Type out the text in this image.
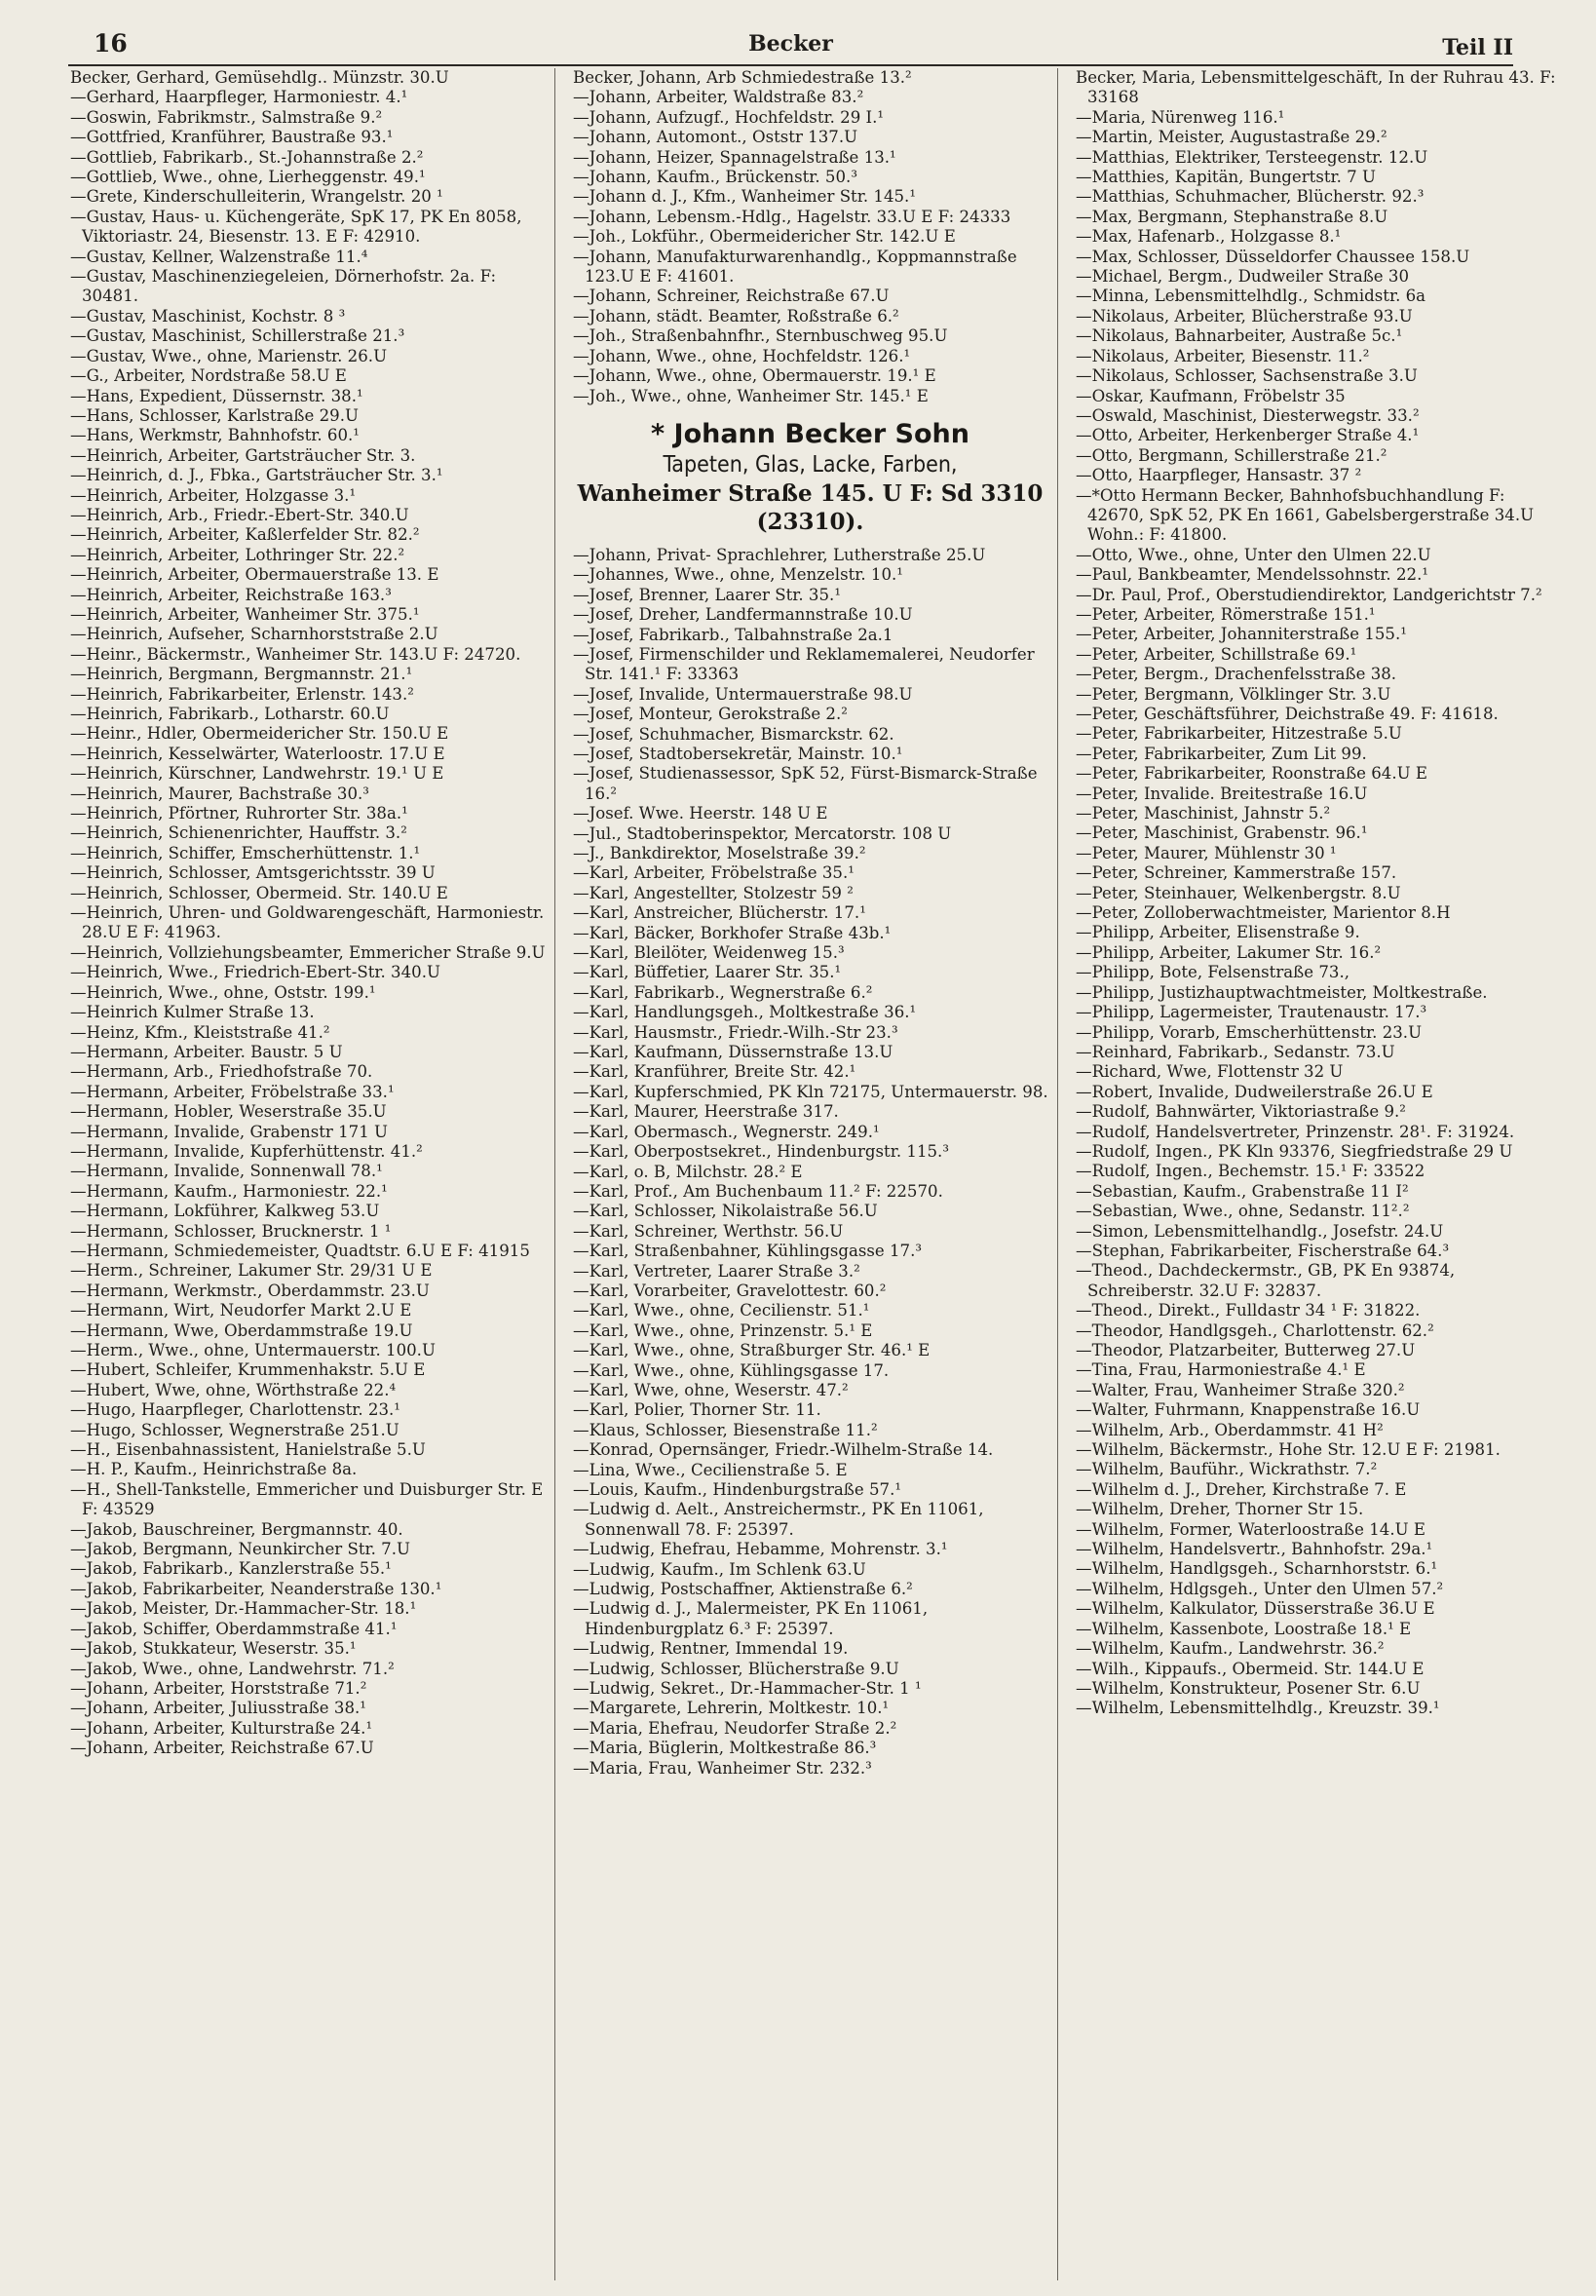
16	Becker	Teil II
Becker, Gerhard, Gemüsehdlg.. Münzstr. 30.U
—Gerhard, Haarpfleger, Harmoniestr. 4.¹
—Goswin, Fabrikmstr., Salmstraße 9.²
—Gottfried, Kranführer, Baustraße 93.¹
—Gottlieb, Fabrikarb., St.-Johannstraße 2.²
—Gottlieb, Wwe., ohne, Lierheggenstr. 49.¹
—Grete, Kinderschulleiterin, Wrangelstr. 20 ¹
—Gustav, Haus- u. Küchengeräte, SpK 17, PK En 8058, Viktoriastr. 24, Biesenstr. 13. E F: 42910.
—Gustav, Kellner, Walzenstraße 11.⁴
—Gustav, Maschinenziegeleien, Dörnerhofstr. 2a. F: 30481.
—Gustav, Maschinist, Kochstr. 8 ³
—Gustav, Maschinist, Schillerstraße 21.³
—Gustav, Wwe., ohne, Marienstr. 26.U
—G., Arbeiter, Nordstraße 58.U E
—Hans, Expedient, Düssernstr. 38.¹
—Hans, Schlosser, Karlstraße 29.U
—Hans, Werkmstr, Bahnhofstr. 60.¹
—Heinrich, Arbeiter, Gartsträucher Str. 3.
—Heinrich, d. J., Fbka., Gartsträucher Str. 3.¹
—Heinrich, Arbeiter, Holzgasse 3.¹
—Heinrich, Arb., Friedr.-Ebert-Str. 340.U
—Heinrich, Arbeiter, Kaßlerfelder Str. 82.²
—Heinrich, Arbeiter, Lothringer Str. 22.²
—Heinrich, Arbeiter, Obermauerstraße 13. E
—Heinrich, Arbeiter, Reichstraße 163.³
—Heinrich, Arbeiter, Wanheimer Str. 375.¹
—Heinrich, Aufseher, Scharnhorststraße 2.U
—Heinr., Bäckermstr., Wanheimer Str. 143.U F: 24720.
—Heinrich, Bergmann, Bergmannstr. 21.¹
—Heinrich, Fabrikarbeiter, Erlenstr. 143.²
—Heinrich, Fabrikarb., Lotharstr. 60.U
—Heinr., Hdler, Obermeidericher Str. 150.U E
—Heinrich, Kesselwärter, Waterloostr. 17.U E
—Heinrich, Kürschner, Landwehrstr. 19.¹ U E
—Heinrich, Maurer, Bachstraße 30.³
—Heinrich, Pförtner, Ruhrorter Str. 38a.¹
—Heinrich, Schienenrichter, Hauffstr. 3.²
—Heinrich, Schiffer, Emscherhüttenstr. 1.¹
—Heinrich, Schlosser, Amtsgerichtsstr. 39 U
—Heinrich, Schlosser, Obermeid. Str. 140.U E
—Heinrich, Uhren- und Goldwarengeschäft, Harmoniestr. 28.U E F: 41963.
—Heinrich, Vollziehungsbeamter, Emmericher Straße 9.U
—Heinrich, Wwe., Friedrich-Ebert-Str. 340.U
—Heinrich, Wwe., ohne, Oststr. 199.¹
—Heinrich Kulmer Straße 13.
—Heinz, Kfm., Kleiststraße 41.²
—Hermann, Arbeiter. Baustr. 5 U
—Hermann, Arb., Friedhofstraße 70.
—Hermann, Arbeiter, Fröbelstraße 33.¹
—Hermann, Hobler, Weserstraße 35.U
—Hermann, Invalide, Grabenstr 171 U
—Hermann, Invalide, Kupferhüttenstr. 41.²
—Hermann, Invalide, Sonnenwall 78.¹
—Hermann, Kaufm., Harmoniestr. 22.¹
—Hermann, Lokführer, Kalkweg 53.U
—Hermann, Schlosser, Brucknerstr. 1 ¹
—Hermann, Schmiedemeister, Quadtstr. 6.U E F: 41915
—Herm., Schreiner, Lakumer Str. 29/31 U E
—Hermann, Werkmstr., Oberdammstr. 23.U
—Hermann, Wirt, Neudorfer Markt 2.U E
—Hermann, Wwe, Oberdammstraße 19.U
—Herm., Wwe., ohne, Untermauerstr. 100.U
—Hubert, Schleifer, Krummenhakstr. 5.U E
—Hubert, Wwe, ohne, Wörthstraße 22.⁴
—Hugo, Haarpfleger, Charlottenstr. 23.¹
—Hugo, Schlosser, Wegnerstraße 251.U
—H., Eisenbahnassistent, Hanielstraße 5.U
—H. P., Kaufm., Heinrichstraße 8a.
—H., Shell-Tankstelle, Emmericher und Duisburger Str. E F: 43529
—Jakob, Bauschreiner, Bergmannstr. 40.
—Jakob, Bergmann, Neunkircher Str. 7.U
—Jakob, Fabrikarb., Kanzlerstraße 55.¹
—Jakob, Fabrikarbeiter, Neanderstraße 130.¹
—Jakob, Meister, Dr.-Hammacher-Str. 18.¹
—Jakob, Schiffer, Oberdammstraße 41.¹
—Jakob, Stukkateur, Weserstr. 35.¹
—Jakob, Wwe., ohne, Landwehrstr. 71.²
—Johann, Arbeiter, Horststraße 71.²
—Johann, Arbeiter, Juliusstraße 38.¹
—Johann, Arbeiter, Kulturstraße 24.¹
—Johann, Arbeiter, Reichstraße 67.U
Becker, Johann, Arb Schmiedestraße 13.²
—Johann, Arbeiter, Waldstraße 83.²
—Johann, Aufzugf., Hochfeldstr. 29 I.¹
—Johann, Automont., Oststr 137.U
—Johann, Heizer, Spannagelstraße 13.¹
—Johann, Kaufm., Brückenstr. 50.³
—Johann d. J., Kfm., Wanheimer Str. 145.¹
—Johann, Lebensm.-Hdlg., Hagelstr. 33.U E F: 24333
—Joh., Lokführ., Obermeidericher Str. 142.U E
—Johann, Manufakturwarenhandlg., Koppmannstraße 123.U E F: 41601.
—Johann, Schreiner, Reichstraße 67.U
—Johann, städt. Beamter, Roßstraße 6.²
—Joh., Straßenbahnfhr., Sternbuschweg 95.U
—Johann, Wwe., ohne, Hochfeldstr. 126.¹
—Johann, Wwe., ohne, Obermauerstr. 19.¹ E
—Joh., Wwe., ohne, Wanheimer Str. 145.¹ E
* Johann Becker Sohn
Tapeten, Glas, Lacke, Farben,
Wanheimer Straße 145. U F: Sd 3310
(23310).
—Johann, Privat- Sprachlehrer, Lutherstraße 25.U
—Johannes, Wwe., ohne, Menzelstr. 10.¹
—Josef, Brenner, Laarer Str. 35.¹
—Josef, Dreher, Landfermannstraße 10.U
—Josef, Fabrikarb., Talbahnstraße 2a.1
—Josef, Firmenschilder und Reklamemalerei, Neudorfer Str. 141.¹ F: 33363
—Josef, Invalide, Untermauerstraße 98.U
—Josef, Monteur, Gerokstraße 2.²
—Josef, Schuhmacher, Bismarckstr. 62.
—Josef, Stadtobersekretär, Mainstr. 10.¹
—Josef, Studienassessor, SpK 52, Fürst-Bismarck-Straße 16.²
—Josef. Wwe. Heerstr. 148 U E
—Jul., Stadtoberinspektor, Mercatorstr. 108 U
—J., Bankdirektor, Moselstraße 39.²
—Karl, Arbeiter, Fröbelstraße 35.¹
—Karl, Angestellter, Stolzestr 59 ²
—Karl, Anstreicher, Blücherstr. 17.¹
—Karl, Bäcker, Borkhofer Straße 43b.¹
—Karl, Bleilöter, Weidenweg 15.³
—Karl, Büffetier, Laarer Str. 35.¹
—Karl, Fabrikarb., Wegnerstraße 6.²
—Karl, Handlungsgeh., Moltkestraße 36.¹
—Karl, Hausmstr., Friedr.-Wilh.-Str 23.³
—Karl, Kaufmann, Düssernstraße 13.U
—Karl, Kranführer, Breite Str. 42.¹
—Karl, Kupferschmied, PK Kln 72175, Untermauerstr. 98.
—Karl, Maurer, Heerstraße 317.
—Karl, Obermasch., Wegnerstr. 249.¹
—Karl, Oberpostsekret., Hindenburgstr. 115.³
—Karl, o. B, Milchstr. 28.² E
—Karl, Prof., Am Buchenbaum 11.² F: 22570.
—Karl, Schlosser, Nikolaistraße 56.U
—Karl, Schreiner, Werthstr. 56.U
—Karl, Straßenbahner, Kühlingsgasse 17.³
—Karl, Vertreter, Laarer Straße 3.²
—Karl, Vorarbeiter, Gravelottestr. 60.²
—Karl, Wwe., ohne, Cecilienstr. 51.¹
—Karl, Wwe., ohne, Prinzenstr. 5.¹ E
—Karl, Wwe., ohne, Straßburger Str. 46.¹ E
—Karl, Wwe., ohne, Kühlingsgasse 17.
—Karl, Wwe, ohne, Weserstr. 47.²
—Karl, Polier, Thorner Str. 11.
—Klaus, Schlosser, Biesenstraße 11.²
—Konrad, Opernsänger, Friedr.-Wilhelm-Straße 14.
—Lina, Wwe., Cecilienstraße 5. E
—Louis, Kaufm., Hindenburgstraße 57.¹
—Ludwig d. Aelt., Anstreichermstr., PK En 11061, Sonnenwall 78. F: 25397.
—Ludwig, Ehefrau, Hebamme, Mohrenstr. 3.¹
—Ludwig, Kaufm., Im Schlenk 63.U
—Ludwig, Postschaffner, Aktienstraße 6.²
—Ludwig d. J., Malermeister, PK En 11061, Hindenburgplatz 6.³ F: 25397.
—Ludwig, Rentner, Immendal 19.
—Ludwig, Schlosser, Blücherstraße 9.U
—Ludwig, Sekret., Dr.-Hammacher-Str. 1 ¹
—Margarete, Lehrerin, Moltkestr. 10.¹
—Maria, Ehefrau, Neudorfer Straße 2.²
—Maria, Büglerin, Moltkestraße 86.³
—Maria, Frau, Wanheimer Str. 232.³
Becker, Maria, Lebensmittelgeschäft, In der Ruhrau 43. F: 33168
—Maria, Nürenweg 116.¹
—Martin, Meister, Augustastraße 29.²
—Matthias, Elektriker, Tersteegenstr. 12.U
—Matthies, Kapitän, Bungertstr. 7 U
—Matthias, Schuhmacher, Blücherstr. 92.³
—Max, Bergmann, Stephanstraße 8.U
—Max, Hafenarb., Holzgasse 8.¹
—Max, Schlosser, Düsseldorfer Chaussee 158.U
—Michael, Bergm., Dudweiler Straße 30
—Minna, Lebensmittelhdlg., Schmidstr. 6a
—Nikolaus, Arbeiter, Blücherstraße 93.U
—Nikolaus, Bahnarbeiter, Austraße 5c.¹
—Nikolaus, Arbeiter, Biesenstr. 11.²
—Nikolaus, Schlosser, Sachsenstraße 3.U
—Oskar, Kaufmann, Fröbelstr 35
—Oswald, Maschinist, Diesterwegstr. 33.²
—Otto, Arbeiter, Herkenberger Straße 4.¹
—Otto, Bergmann, Schillerstraße 21.²
—Otto, Haarpfleger, Hansastr. 37 ²
—*Otto Hermann Becker, Bahnhofsbuchhandlung F: 42670, SpK 52, PK En 1661, Gabelsbergerstraße 34.U Wohn.: F: 41800.
—Otto, Wwe., ohne, Unter den Ulmen 22.U
—Paul, Bankbeamter, Mendelssohnstr. 22.¹
—Dr. Paul, Prof., Oberstudiendirektor, Landgerichtstr 7.²
—Peter, Arbeiter, Römerstraße 151.¹
—Peter, Arbeiter, Johanniterstraße 155.¹
—Peter, Arbeiter, Schillstraße 69.¹
—Peter, Bergm., Drachenfelsstraße 38.
—Peter, Bergmann, Völklinger Str. 3.U
—Peter, Geschäftsführer, Deichstraße 49. F: 41618.
—Peter, Fabrikarbeiter, Hitzestraße 5.U
—Peter, Fabrikarbeiter, Zum Lit 99.
—Peter, Fabrikarbeiter, Roonstraße 64.U E
—Peter, Invalide. Breitestraße 16.U
—Peter, Maschinist, Jahnstr 5.²
—Peter, Maschinist, Grabenstr. 96.¹
—Peter, Maurer, Mühlenstr 30 ¹
—Peter, Schreiner, Kammerstraße 157.
—Peter, Steinhauer, Welkenbergstr. 8.U
—Peter, Zolloberwachtmeister, Marientor 8.H
—Philipp, Arbeiter, Elisenstraße 9.
—Philipp, Arbeiter, Lakumer Str. 16.²
—Philipp, Bote, Felsenstraße 73.,
—Philipp, Justizhauptwachtmeister, Moltkestraße.
—Philipp, Lagermeister, Trautenaustr. 17.³
—Philipp, Vorarb, Emscherhüttenstr. 23.U
—Reinhard, Fabrikarb., Sedanstr. 73.U
—Richard, Wwe, Flottenstr 32 U
—Robert, Invalide, Dudweilerstraße 26.U E
—Rudolf, Bahnwärter, Viktoriastraße 9.²
—Rudolf, Handelsvertreter, Prinzenstr. 28¹. F: 31924.
—Rudolf, Ingen., PK Kln 93376, Siegfriedstraße 29 U
—Rudolf, Ingen., Bechemstr. 15.¹ F: 33522
—Sebastian, Kaufm., Grabenstraße 11 I²
—Sebastian, Wwe., ohne, Sedanstr. 11².²
—Simon, Lebensmittelhandlg., Josefstr. 24.U
—Stephan, Fabrikarbeiter, Fischerstraße 64.³
—Theod., Dachdeckermstr., GB, PK En 93874, Schreiberstr. 32.U F: 32837.
—Theod., Direkt., Fulldastr 34 ¹ F: 31822.
—Theodor, Handlgsgeh., Charlottenstr. 62.²
—Theodor, Platzarbeiter, Butterweg 27.U
—Tina, Frau, Harmoniestraße 4.¹ E
—Walter, Frau, Wanheimer Straße 320.²
—Walter, Fuhrmann, Knappenstraße 16.U
—Wilhelm, Arb., Oberdammstr. 41 H²
—Wilhelm, Bäckermstr., Hohe Str. 12.U E F: 21981.
—Wilhelm, Bauführ., Wickrathstr. 7.²
—Wilhelm d. J., Dreher, Kirchstraße 7. E
—Wilhelm, Dreher, Thorner Str 15.
—Wilhelm, Former, Waterloostraße 14.U E
—Wilhelm, Handelsvertr., Bahnhofstr. 29a.¹
—Wilhelm, Handlgsgeh., Scharnhorststr. 6.¹
—Wilhelm, Hdlgsgeh., Unter den Ulmen 57.²
—Wilhelm, Kalkulator, Düsserstraße 36.U E
—Wilhelm, Kassenbote, Loostraße 18.¹ E
—Wilhelm, Kaufm., Landwehrstr. 36.²
—Wilh., Kippaufs., Obermeid. Str. 144.U E
—Wilhelm, Konstrukteur, Posener Str. 6.U
—Wilhelm, Lebensmittelhdlg., Kreuzstr. 39.¹
